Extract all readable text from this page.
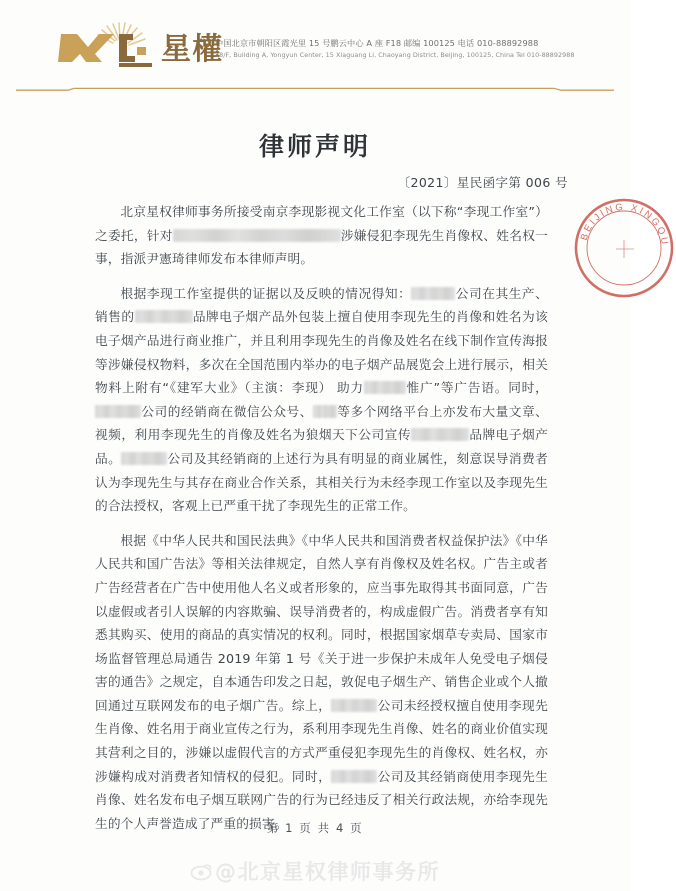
星權
中国北京市朝阳区霞光里 15 号鹏云中心 A 座 F18 邮编 100125 电话 010-88892988
18/F, Building A, Yongyun Center, 15 Xiaguang Li, Chaoyang District, Beijing, 100125, China Tel 010-88892988
BEIJING XINGQU
律师声明
〔2021〕星民函字第 006 号

北京星权律师事务所接受南京李现影视文化工作室（以下称“李现工作室”）之委托，针对	涉嫌侵犯李现先生肖像权、姓名权一事，指派尹憲琦律师发布本律师声明。

根据李现工作室提供的证据以及反映的情况得知：	公司在其生产、销售的	品牌电子烟产品外包装上擅自使用李现先生的肖像和姓名为该电子烟产品进行商业推广，并且利用李现先生的肖像及姓名在线下制作宣传海报等涉嫌侵权物料，多次在全国范围内举办的电子烟产品展览会上进行展示，相关物料上附有“《建军大业》（主演：李现） 助力	惟广”等广告语。同时，公司的经销商在微信公众号、 等多个网络平台上亦发布大量文章、视频，利用李现先生的肖像及姓名为狼烟天下公司宣传	品牌电子烟产品。	公司及其经销商的上述行为具有明显的商业属性，刻意误导消费者认为李现先生与其存在商业合作关系，其相关行为未经李现工作室以及李现先生的合法授权，客观上已严重干扰了李现先生的正常工作。

根据《中华人民共和国民法典》《中华人民共和国消费者权益保护法》《中华人民共和国广告法》等相关法律规定，自然人享有肖像权及姓名权。广告主或者广告经营者在广告中使用他人名义或者形象的，应当事先取得其书面同意，广告以虚假或者引人误解的内容欺骗、误导消费者的，构成虚假广告。消费者享有知悉其购买、使用的商品的真实情况的权利。同时，根据国家烟草专卖局、国家市场监督管理总局通告 2019 年第 1 号《关于进一步保护未成年人免受电子烟侵害的通告》之规定，自本通告印发之日起，敦促电子烟生产、销售企业或个人撤回通过互联网发布的电子烟广告。综上，	公司未经授权擅自使用李现先生肖像、姓名用于商业宣传之行为，系利用李现先生肖像、姓名的商业价值实现其营利之目的，涉嫌以虚假代言的方式严重侵犯李现先生的肖像权、姓名权，亦涉嫌构成对消费者知情权的侵犯。同时，	公司及其经销商使用李现先生肖像、姓名发布电子烟互联网广告的行为已经违反了相关行政法规，亦给李现先生的个人声誉造成了严重的损害。

第 1 页 共 4 页
@北京星权律师事务所
